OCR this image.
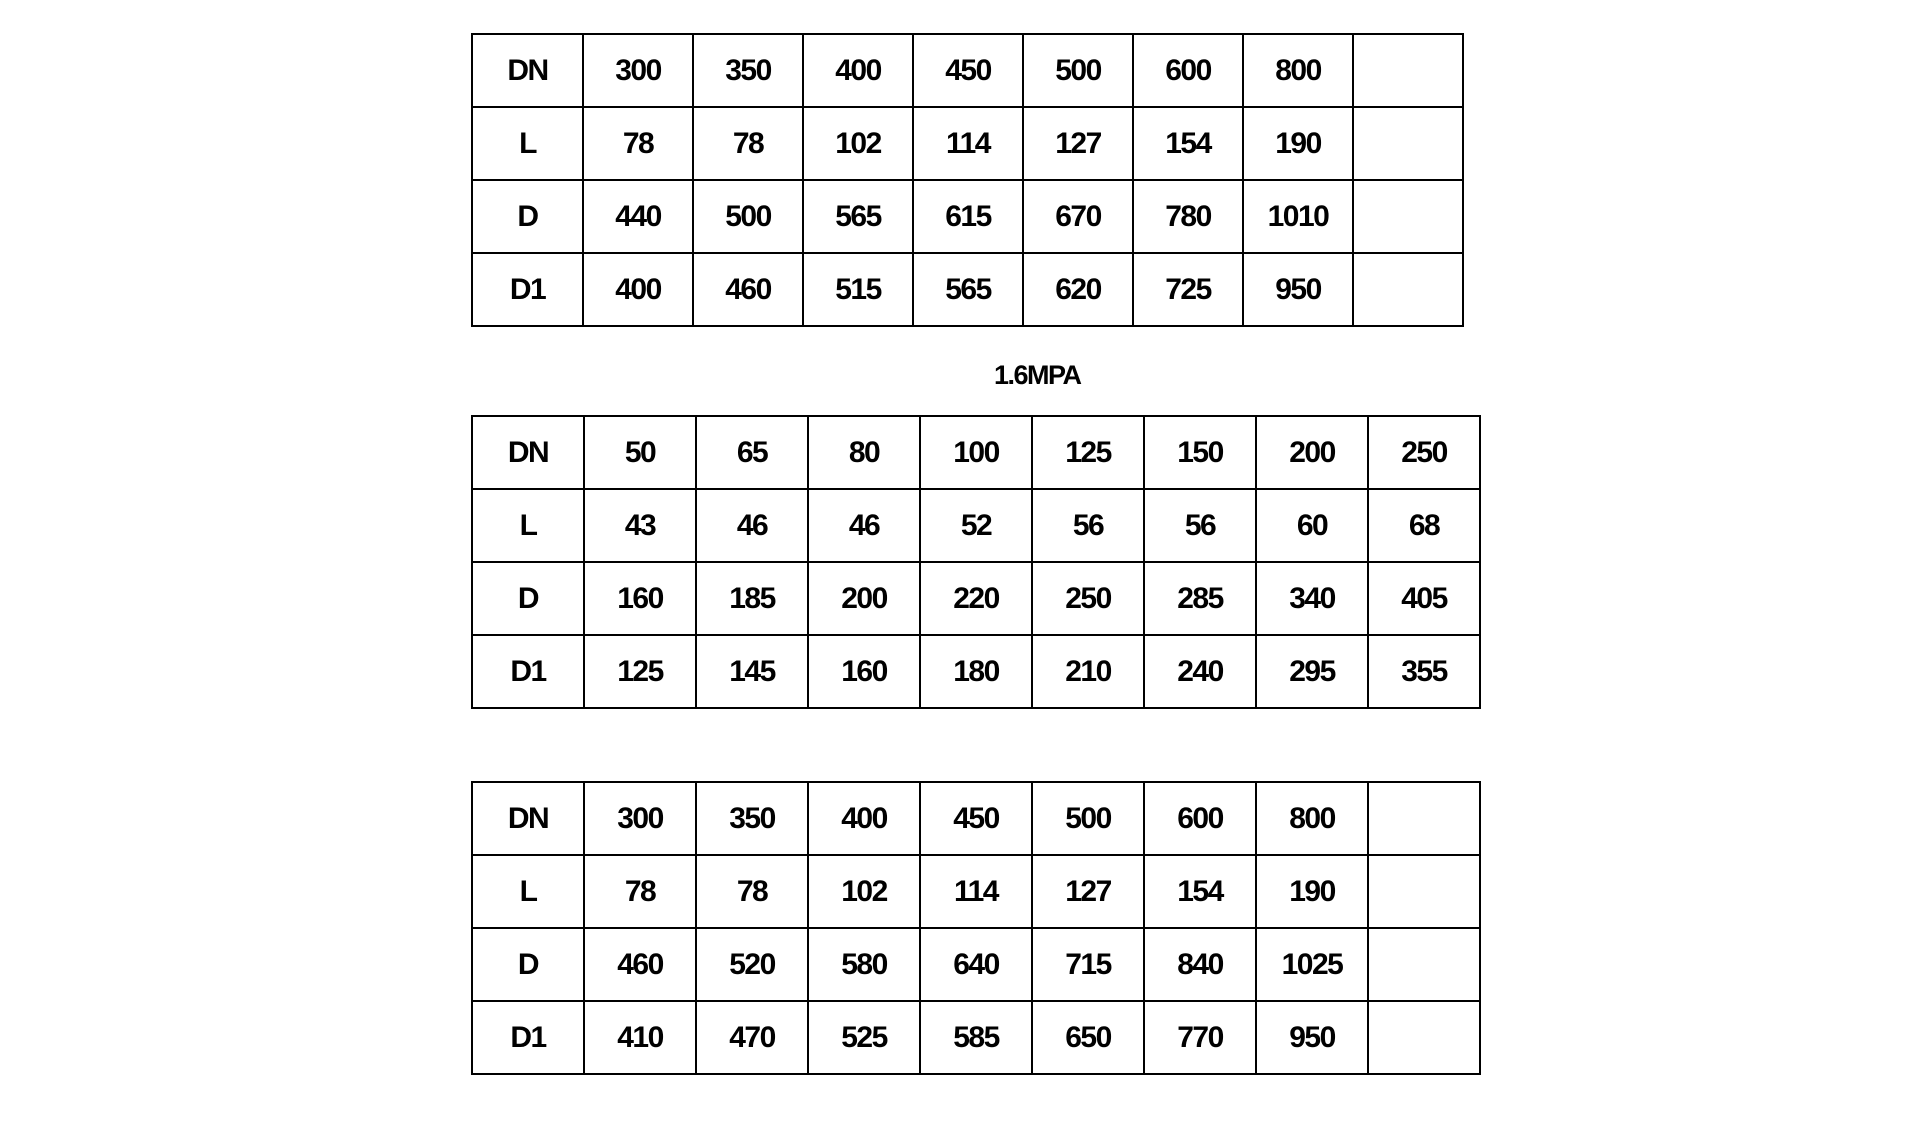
DN	300	350	400	450	500	600	800	
L	78	78	102	114	127	154	190	
D	440	500	565	615	670	780	1010	
D1	400	460	515	565	620	725	950	
1.6MPA
DN	50	65	80	100	125	150	200	250
L	43	46	46	52	56	56	60	68
D	160	185	200	220	250	285	340	405
D1	125	145	160	180	210	240	295	355
DN	300	350	400	450	500	600	800	
L	78	78	102	114	127	154	190	
D	460	520	580	640	715	840	1025	
D1	410	470	525	585	650	770	950	
